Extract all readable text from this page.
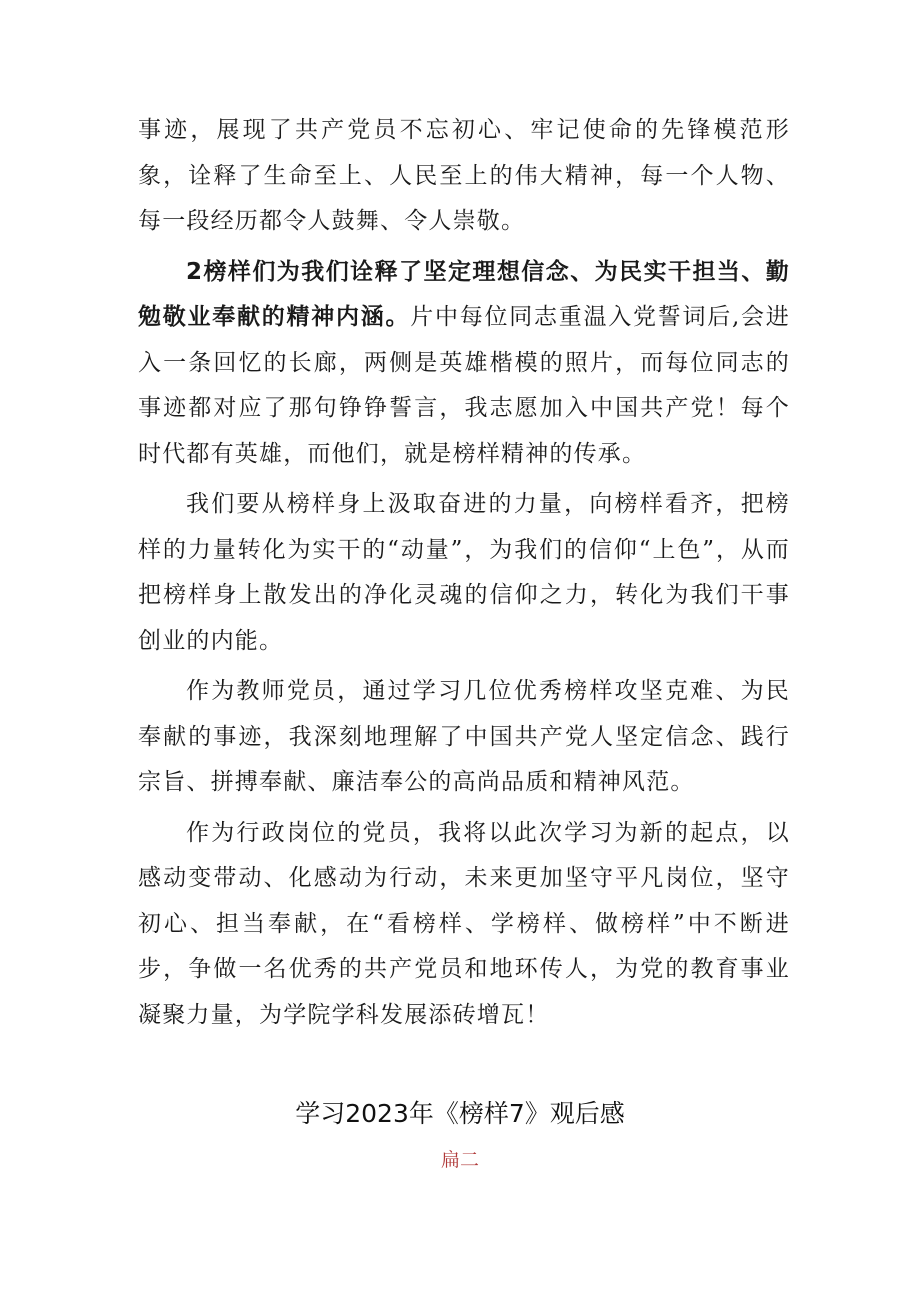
事迹，展现了共产党员不忘初心、牢记使命的先锋模范形象，诠释了生命至上、人民至上的伟大精神，每一个人物、每一段经历都令人鼓舞、令人崇敬。

2榜样们为我们诠释了坚定理想信念、为民实干担当、勤勉敬业奉献的精神内涵。片中每位同志重温入党誓词后,会进入一条回忆的长廊，两侧是英雄楷模的照片，而每位同志的事迹都对应了那句铮铮誓言，我志愿加入中国共产党！每个时代都有英雄，而他们，就是榜样精神的传承。

我们要从榜样身上汲取奋进的力量，向榜样看齐，把榜样的力量转化为实干的“动量”，为我们的信仰“上色”，从而把榜样身上散发出的净化灵魂的信仰之力，转化为我们干事创业的内能。

作为教师党员，通过学习几位优秀榜样攻坚克难、为民奉献的事迹，我深刻地理解了中国共产党人坚定信念、践行宗旨、拼搏奉献、廉洁奉公的高尚品质和精神风范。

作为行政岗位的党员，我将以此次学习为新的起点，以感动变带动、化感动为行动，未来更加坚守平凡岗位，坚守初心、担当奉献，在“看榜样、学榜样、做榜样”中不断进步，争做一名优秀的共产党员和地环传人，为党的教育事业凝聚力量，为学院学科发展添砖增瓦！

学习2023年《榜样7》观后感

扁二
